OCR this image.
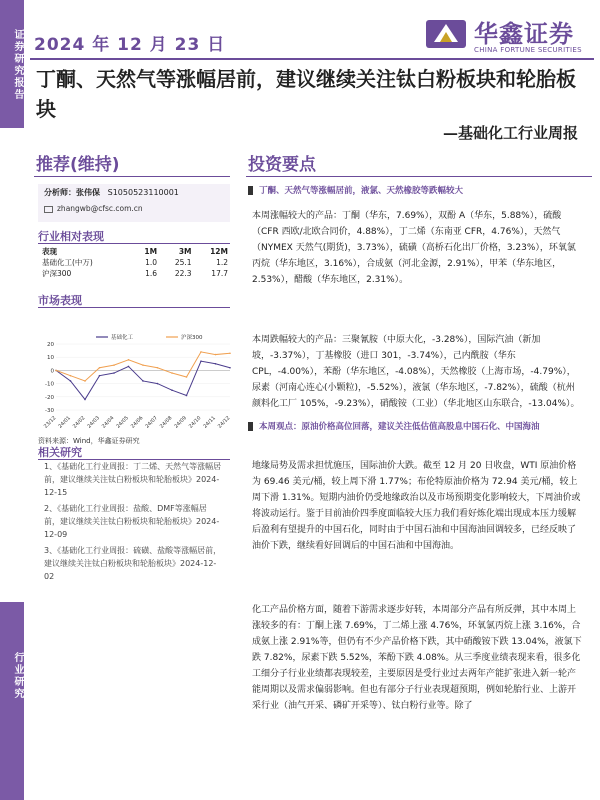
证券研究报告
行业研究
2024 年 12 月 23 日	华鑫证券
CHINA FORTUNE SECURITIES
丁酮、天然气等涨幅居前，建议继续关注钛白粉板块和轮胎板块
—基础化工行业周报
推荐(维持)	投资要点
分析师：张伟保 S1050523110001
zhangwb@cfsc.com.cn
行业相对表现
表现	1M	3M	12M
基础化工(中万)	1.0	25.1	1.2
沪深300	1.6	22.3	17.7
市场表现
20
10
0
-10
-20
-30
23/12 24/01 24/02 24/03 24/04 24/05 24/06 24/07 24/08 24/09 24/10 24/11 24/12
基础化工	沪深300
资料来源：Wind，华鑫证券研究
相关研究

1、《基础化工行业周报：丁二烯、天然气等涨幅居前，建议继续关注钛白粉板块和轮胎板块》2024-12-15

2、《基础化工行业周报：盐酸、DMF等涨幅居前，建议继续关注钛白粉板块和轮胎板块》2024-12-09

3、《基础化工行业周报：硫磺、盐酸等涨幅居前，建议继续关注钛白粉板块和轮胎板块》2024-12-02

丁酮、天然气等涨幅居前，液氯、天然橡胶等跌幅较大
本周涨幅较大的产品：丁酮（华东，7.69%），双酚 A（华东，5.88%），硫酸（CFR 西欧/北欧合同价，4.88%），丁二烯（东南亚 CFR，4.76%），天然气（NYMEX 天然气(期货)，3.73%），硫磺（高桥石化出厂价格，3.23%），环氧氯丙烷（华东地区，3.16%），合成氨（河北金源，2.91%），甲苯（华东地区，2.53%），醋酸（华东地区，2.31%）。
本周跌幅较大的产品：三聚氰胺（中原大化，-3.28%），国际汽油（新加坡，-3.37%），丁基橡胶（进口 301，-3.74%），己内酰胺（华东 CPL，-4.00%），苯酚（华东地区，-4.08%），天然橡胶（上海市场，-4.79%），尿素（河南心连心(小颗粒)，-5.52%），液氯（华东地区，-7.82%），硫酸（杭州颜料化工厂 105%，-9.23%），硝酸铵（工业）（华北地区山东联合，-13.04%）。
本周观点：原油价格高位回落，建议关注低估值高股息中国石化、中国海油
地缘局势及需求担忧施压，国际油价大跌。截至 12 月 20 日收盘，WTI 原油价格为 69.46 美元/桶，较上周下滑 1.77%；布伦特原油价格为 72.94 美元/桶，较上周下滑 1.31%。短期内油价仍受地缘政治以及市场预期变化影响较大，下周油价或将波动运行。鉴于目前油价四季度面临较大压力我们看好炼化端出现成本压力缓解后盈利有望提升的中国石化，同时由于中国石油和中国海油回调较多，已经反映了油价下跌，继续看好回调后的中国石油和中国海油。
化工产品价格方面，随着下游需求逐步好转，本周部分产品有所反弹，其中本周上涨较多的有：丁酮上涨 7.69%，丁二烯上涨 4.76%，环氧氯丙烷上涨 3.16%，合成氨上涨 2.91%等，但仍有不少产品价格下跌，其中硝酸铵下跌 13.04%，液氯下跌 7.82%，尿素下跌 5.52%，苯酚下跌 4.08%。从三季度业绩表现来看，很多化工细分子行业业绩都表现较差，主要原因是受行业过去两年产能扩张进入新一轮产能周期以及需求偏弱影响。但也有部分子行业表现超预期，例如轮胎行业、上游开采行业（油气开采、磷矿开采等）、钛白粉行业等。除了
